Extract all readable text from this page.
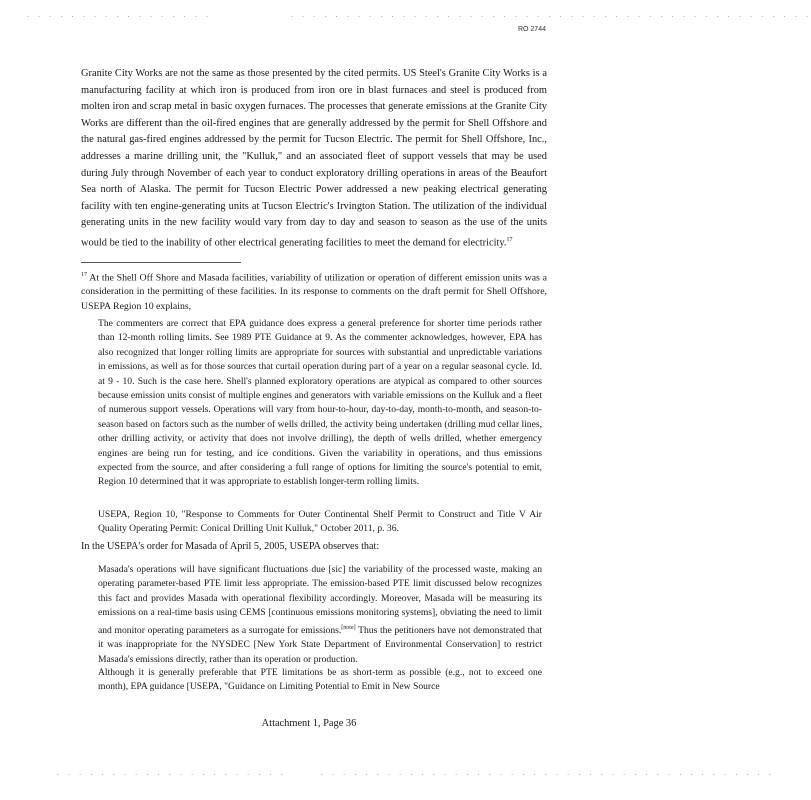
. . . . . . . . . . . . . . . . .	. . . . . . . . . . . . . . . . . . . . . . . . . . . . . . . . . . . . . . . . . . . . . . .
RO 2744
Granite City Works are not the same as those presented by the cited permits. US Steel's Granite City Works is a manufacturing facility at which iron is produced from iron ore in blast furnaces and steel is produced from molten iron and scrap metal in basic oxygen furnaces. The processes that generate emissions at the Granite City Works are different than the oil-fired engines that are generally addressed by the permit for Shell Offshore and the natural gas-fired engines addressed by the permit for Tucson Electric. The permit for Shell Offshore, Inc., addresses a marine drilling unit, the "Kulluk," and an associated fleet of support vessels that may be used during July through November of each year to conduct exploratory drilling operations in areas of the Beaufort Sea north of Alaska. The permit for Tucson Electric Power addressed a new peaking electrical generating facility with ten engine-generating units at Tucson Electric's Irvington Station. The utilization of the individual generating units in the new facility would vary from day to day and season to season as the use of the units would be tied to the inability of other electrical generating facilities to meet the demand for electricity.$^{17}$
$^{17}$ At the Shell Off Shore and Masada facilities, variability of utilization or operation of different emission units was a consideration in the permitting of these facilities. In its response to comments on the draft permit for Shell Offshore, USEPA Region 10 explains,
The commenters are correct that EPA guidance does express a general preference for shorter time periods rather than 12-month rolling limits. See 1989 PTE Guidance at 9. As the commenter acknowledges, however, EPA has also recognized that longer rolling limits are appropriate for sources with substantial and unpredictable variations in emissions, as well as for those sources that curtail operation during part of a year on a regular seasonal cycle. Id. at 9 - 10. Such is the case here. Shell's planned exploratory operations are atypical as compared to other sources because emission units consist of multiple engines and generators with variable emissions on the Kulluk and a fleet of numerous support vessels. Operations will vary from hour-to-hour, day-to-day, month-to-month, and season-to-season based on factors such as the number of wells drilled, the activity being undertaken (drilling mud cellar lines, other drilling activity, or activity that does not involve drilling), the depth of wells drilled, whether emergency engines are being run for testing, and ice conditions. Given the variability in operations, and thus emissions expected from the source, and after considering a full range of options for limiting the source's potential to emit, Region 10 determined that it was appropriate to establish longer-term rolling limits.
USEPA, Region 10, "Response to Comments for Outer Continental Shelf Permit to Construct and Title V Air Quality Operating Permit: Conical Drilling Unit Kulluk," October 2011, p. 36.
In the USEPA's order for Masada of April 5, 2005, USEPA observes that:
Masada's operations will have significant fluctuations due [sic] the variability of the processed waste, making an operating parameter-based PTE limit less appropriate. The emission-based PTE limit discussed below recognizes this fact and provides Masada with operational flexibility accordingly. Moreover, Masada will be measuring its emissions on a real-time basis using CEMS [continuous emissions monitoring systems], obviating the need to limit and monitor operating parameters as a surrogate for emissions.[note] Thus the petitioners have not demonstrated that it was inappropriate for the NYSDEC [New York State Department of Environmental Conservation] to restrict Masada's emissions directly, rather than its operation or production.
Although it is generally preferable that PTE limitations be as short-term as possible (e.g., not to exceed one month), EPA guidance [USEPA, "Guidance on Limiting Potential to Emit in New Source
Attachment 1, Page 36
. . . . . . . . . . . . . . . . . . . . .	. . . . . . . . . . . . . . . . . . . . . . . . . . . . . . . . . . . . . . . . .
